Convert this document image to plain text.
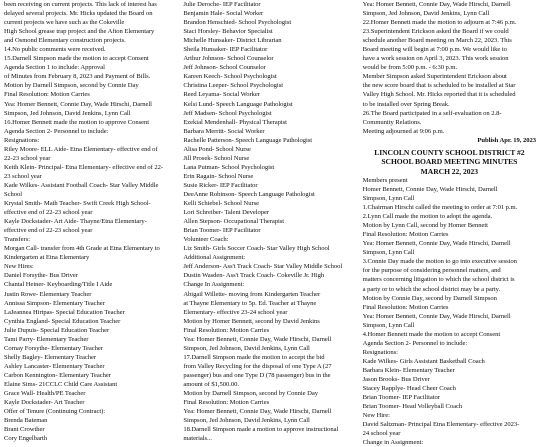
been receiving on current projects. This lack of interest has

delayed several projects. Mr. Hicks updated the Board on

current projects we have such as the Cokeville

High School grease trap project and the Afton Elementary

and Osmond Elementary construction projects.

14.No public comments were received.

15.Darnell Simpson made the motion to accept Consent

Agenda Section 1 to include: Approval

of Minutes from February 8, 2023 and Payment of Bills.

Motion by Darnell Simpson, second by Connie Day

Final Resolution: Motion Carries

Yea: Homer Bennett, Connie Day, Wade Hirschi, Darnell

Simpson, Jed Johnson, David Jenkins, Lynn Call

16.Homer Bennett made the motion to approve Consent

Agenda Section 2- Personnel to include:

Resignations:

Riley Moore- ELL Aide- Etna Elementary- effective end of

22-23 school year

Keith Klein- Principal- Etna Elementary- effective end of 22-

23 school year

Kade Wilkes- Assistant Football Coach- Star Valley Middle

School

Krystal Smith- Math Teacher- Swift Creek High School-

effective end of 22-23 school year

Kayle Dockstader- Art Aide- Thayne/Etna Elementary-

effective end of 22-23 school year

Transfers:

Morgan Call- transfer from 4th Grade at Etna Elementary to

Kindergarten at Etna Elementary

New Hires:

Daniel Forsythe- Bus Driver

Chantal Heiner- Keyboarding/Title I Aide

Justin Rowe- Elementary Teacher

Annissa Simpson- Elementary Teacher

LaJeannea Hirtpas- Special Education Teacher

Cynthia England- Special Education Teacher

Julie Dupuis- Special Education Teacher

Tami Parry- Elementary Teacher

Cornay Forsythe- Elementary Teacher

Shelly Bagley- Elementary Teacher

Ashley Lancaster- Elementary Teacher

Carbon Kennington- Elementary Teacher

Elaine Sims- 21CCLC Child Care Assistant

Grace Wall- Health/PE Teacher

Kayle Dockstader- Art Teacher

Offer of Tenure (Continuing Contract):

Brenda Bateman

Brant Crowther

Cory Engelbarth

Julie Deroche- IEP Facilitator

Benjamin Hale- Social Worker

Brandon Henschied- School Psychologist

Staci Horsley- Behavior Specialist

Michelle Hunsaker- District Librarian

Sheila Hunsaker- IEP Facilitator

Arthur Johnson- School Counselor

Jeff Johnson- School Counselor

Kareen Keech- School Psychologist

Christina Leeper- School Psychologist

Reed Leyama- Social Worker

Kelsi Lund- Speech Language Pathologist

Jeff Madsen- School Psychologist

Ezekial Mendenhall- Physical Therapist

Barbara Merritt- Social Worker

Rachelle Patterson- Speech Language Pathologist

Alisa Pond- School Nurse

Jill Prosek- School Nurse

Lana Putman- School Psychologist

Erin Ragain- School Nurse

Susie Ricker- IEP Facilitator

DeeAnne Robinson- Speech Language Pathologist

Kelli Schiebel- School Nurse

Lori Schreiber- Talent Developer

Allen Stepson- Occupational Therapist

Brian Toomer- IEP Facilitator

Volunteer Coach:

Liz Smith- Girls Soccer Coach- Star Valley High School

Additional Assignment:

Jeff Anderson- Ass't Track Coach- Star Valley Middle School

Dustin Wasden- Ass't Track Coach- Cokeville Jr. High

Change In Assignment:

Abigail Willette- moving from Kindergarten Teacher

at Thayne Elementary to 5p. Ed. Teacher at Thayne

Elementary- effective 23-24 school year

Motion by Homer Bennett, second by David Jenkins

Final Resolution: Motion Carries

Yea: Homer Bennett, Connie Day, Wade Hirschi, Darnell

Simpson, Jed Johnson, David Jenkins, Lynn Call

17.Darnell Simpson made the motion to accept the bid

from Valley Recycling for the disposal of one Type A (27

passenger) bus and one Type D (78 passenger) bus in the

amount of $1,500.00.

Motion by Darnell Simpson, second by Connie Day

Final Resolution: Motion Carries

Yea: Homer Bennett, Connie Day, Wade Hirschi, Darnell

Simpson, Jed Johnson, David Jenkins, Lynn Call

18.Darnell Simpson made a motion to approve instructional

materials...

Yea: Homer Bennett, Connie Day, Wade Hirschi, Darnell

Simpson, Jed Johnson, David Jenkins, Lynn Call

22.Homer Bennett made the motion to adjourn at 7:46 p.m.

23.Superintendent Erickson asked the Board if we could

schedule another Board meeting on March 22, 2023. This

Board meeting will begin at 7:00 p.m. We would like to

have a work session on April 3, 2023. This work session

would be from 5:00 p.m. - 6:30 p.m.

Member Simpson asked Superintendent Erickson about

the new score board that is scheduled to be installed at Star

Valley High School. Mr. Hicks reported that it is scheduled

to be installed over Spring Break.

26.The Board participated in a self-evaluation on 2.8-

Community Relations.

Meeting adjourned at 9:06 p.m.

Publish Apr. 19, 2023

LINCOLN COUNTY SCHOOL DISTRICT #2

SCHOOL BOARD MEETING MINUTES

MARCH 22, 2023

Members present

Homer Bennett, Connie Day, Wade Hirschi, Darnell

Simpson, Lynn Call

1.Chairman Hirschi called the meeting to order at 7:01 p.m.

2.Lynn Call made the motion to adopt the agenda.

Motion by Lynn Call, second by Homer Bennett

Final Resolution: Motion Carries

Yea: Homer Bennett, Connie Day, Wade Hirschi, Darnell

Simpson, Lynn Call

3.Connie Day made the motion to go into executive session

for the purpose of considering personnel matters, and

matters concerning litigation to which the school district is

a party or to which the school district may be a party.

Motion by Connie Day, second by Darnell Simpson

Final Resolution: Motion Carries

Yea: Homer Bennett, Connie Day, Wade Hirschi, Darnell

Simpson, Lynn Call

4.Homer Bennett made the motion to accept Consent

Agenda Section 2- Personnel to include:

Resignations:

Kade Wilkes- Girls Assistant Basketball Coach

Barbara Klein- Elementary Teacher

Jason Brooks- Bus Driver

Stacey Rapplye- Head Cheer Coach

Brian Toomer- IEP Facilitator

Brian Toomer- Head Volleyball Coach

New Hire:

David Saltzman- Principal Etna Elementary- effective 2023-

24 school year

Change in Assignment:
